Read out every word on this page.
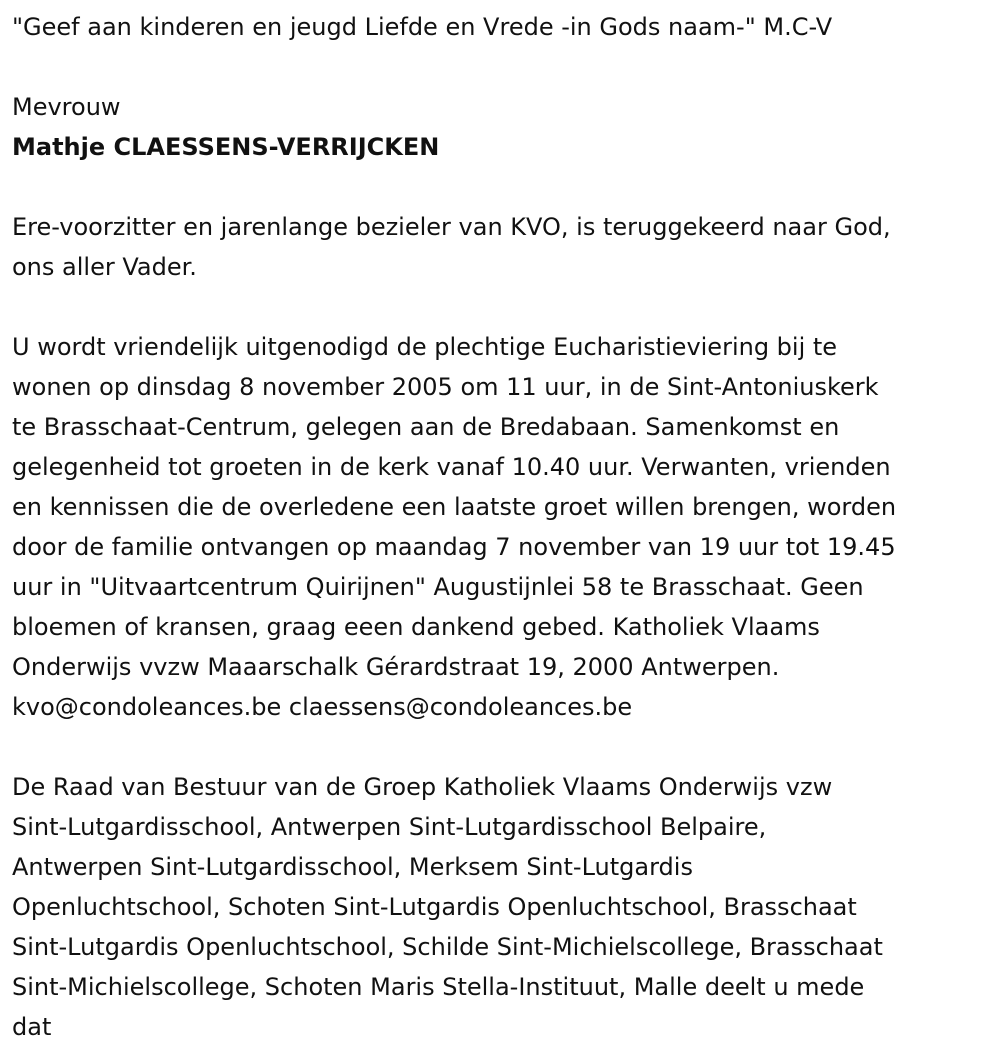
"Geef aan kinderen en jeugd Liefde en Vrede -in Gods naam-" M.C-V

Mevrouw

Mathje CLAESSENS-VERRIJCKEN

Ere-voorzitter en jarenlange bezieler van KVO, is teruggekeerd naar God,

ons aller Vader.

U wordt vriendelijk uitgenodigd de plechtige Eucharistieviering bij te

wonen op dinsdag 8 november 2005 om 11 uur, in de Sint-Antoniuskerk

te Brasschaat-Centrum, gelegen aan de Bredabaan. Samenkomst en

gelegenheid tot groeten in de kerk vanaf 10.40 uur. Verwanten, vrienden

en kennissen die de overledene een laatste groet willen brengen, worden

door de familie ontvangen op maandag 7 november van 19 uur tot 19.45

uur in "Uitvaartcentrum Quirijnen" Augustijnlei 58 te Brasschaat. Geen

bloemen of kransen, graag eeen dankend gebed. Katholiek Vlaams

Onderwijs vvzw Maaarschalk Gérardstraat 19, 2000 Antwerpen.

kvo@condoleances.be claessens@condoleances.be

De Raad van Bestuur van de Groep Katholiek Vlaams Onderwijs vzw

Sint-Lutgardisschool, Antwerpen Sint-Lutgardisschool Belpaire,

Antwerpen Sint-Lutgardisschool, Merksem Sint-Lutgardis

Openluchtschool, Schoten Sint-Lutgardis Openluchtschool, Brasschaat

Sint-Lutgardis Openluchtschool, Schilde Sint-Michielscollege, Brasschaat

Sint-Michielscollege, Schoten Maris Stella-Instituut, Malle deelt u mede

dat
